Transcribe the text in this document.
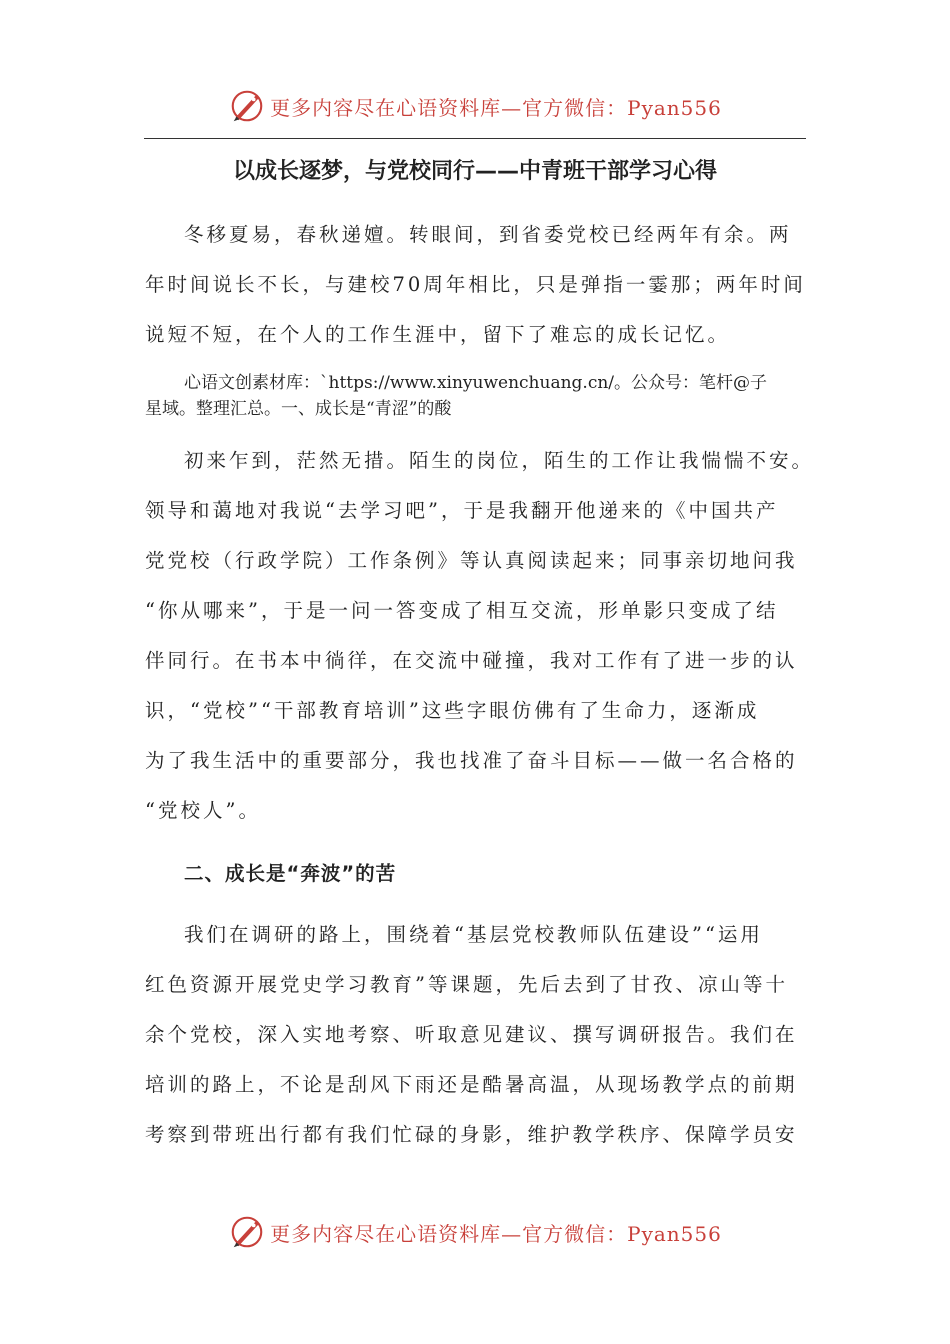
更多内容尽在心语资料库—官方微信：Pyan556
以成长逐梦，与党校同行——中青班干部学习心得
冬移夏易，春秋递嬗。转眼间，到省委党校已经两年有余。两
年时间说长不长，与建校70周年相比，只是弹指一霎那；两年时间
说短不短，在个人的工作生涯中，留下了难忘的成长记忆。
心语文创素材库：`https://www.xinyuwenchuang.cn/。公众号：笔杆@子
星域。整理汇总。一、成长是“青涩”的酸
初来乍到，茫然无措。陌生的岗位，陌生的工作让我惴惴不安。
领导和蔼地对我说“去学习吧”，于是我翻开他递来的《中国共产
党党校（行政学院）工作条例》等认真阅读起来；同事亲切地问我
“你从哪来”，于是一问一答变成了相互交流，形单影只变成了结
伴同行。在书本中徜徉，在交流中碰撞，我对工作有了进一步的认
识，“党校”“干部教育培训”这些字眼仿佛有了生命力，逐渐成
为了我生活中的重要部分，我也找准了奋斗目标——做一名合格的
“党校人”。
二、成长是“奔波”的苦
我们在调研的路上，围绕着“基层党校教师队伍建设”“运用
红色资源开展党史学习教育”等课题，先后去到了甘孜、凉山等十
余个党校，深入实地考察、听取意见建议、撰写调研报告。我们在
培训的路上，不论是刮风下雨还是酷暑高温，从现场教学点的前期
考察到带班出行都有我们忙碌的身影，维护教学秩序、保障学员安
更多内容尽在心语资料库—官方微信：Pyan556
